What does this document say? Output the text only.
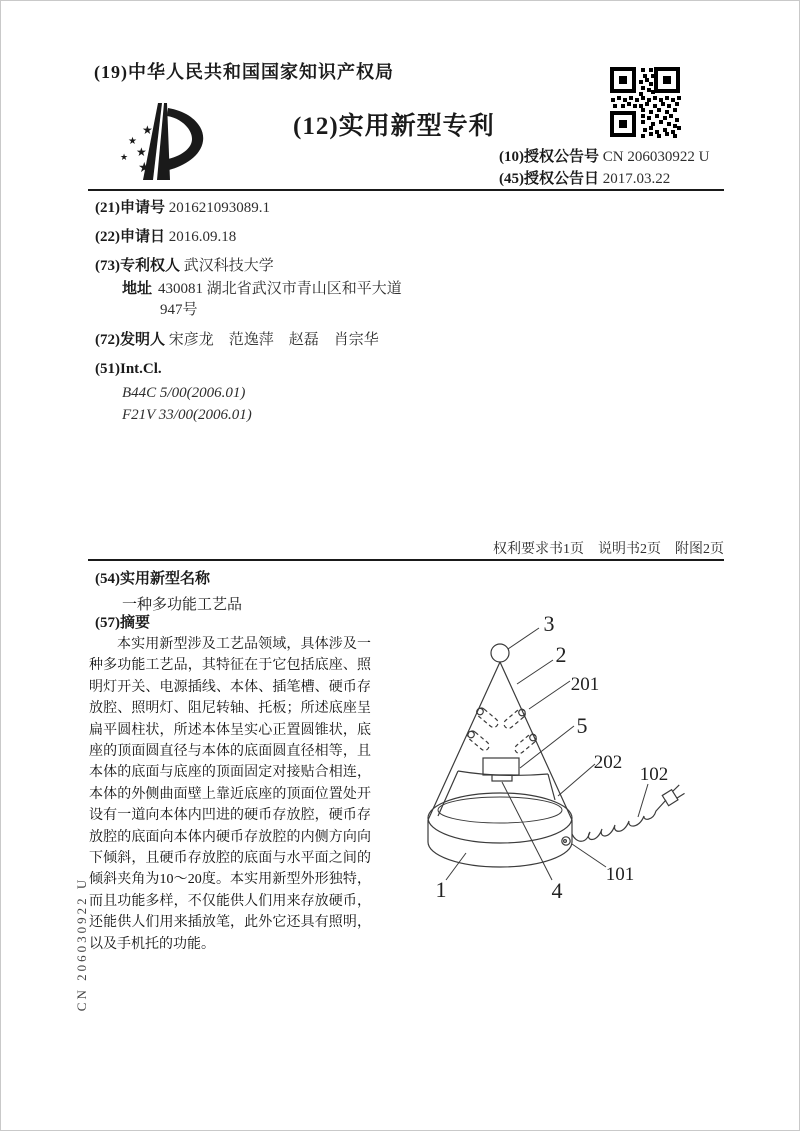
(19)中华人民共和国国家知识产权局
★
★
★
★
★
(12)实用新型专利
(10)授权公告号 CN 206030922 U
(45)授权公告日 2017.03.22
(21)申请号 201621093089.1
(22)申请日 2016.09.18
(73)专利权人 武汉科技大学
地址 430081 湖北省武汉市青山区和平大道947号
(72)发明人 宋彦龙　范逸萍　赵磊　肖宗华
(51)Int.Cl.
B44C 5/00(2006.01)
F21V 33/00(2006.01)
权利要求书1页　说明书2页　附图2页
(54)实用新型名称
一种多功能工艺品
(57)摘要

本实用新型涉及工艺品领域，具体涉及一种多功能工艺品，其特征在于它包括底座、照明灯开关、电源插线、本体、插笔槽、硬币存放腔、照明灯、阻尼转轴、托板；所述底座呈扁平圆柱状，所述本体呈实心正置圆锥状，底座的顶面圆直径与本体的底面圆直径相等，且本体的底面与底座的顶面固定对接贴合相连，本体的外侧曲面壁上靠近底座的顶面位置处开设有一道向本体内凹进的硬币存放腔，硬币存放腔的底面向本体内硬币存放腔的内侧方向向下倾斜，且硬币存放腔的底面与水平面之间的倾斜夹角为10～20度。本实用新型外形独特，而且功能多样，不仅能供人们用来存放硬币，还能供人们用来插放笔，此外它还具有照明，以及手机托的功能。

3
2
201
5
202
102
101
1	4
CN 206030922 U
